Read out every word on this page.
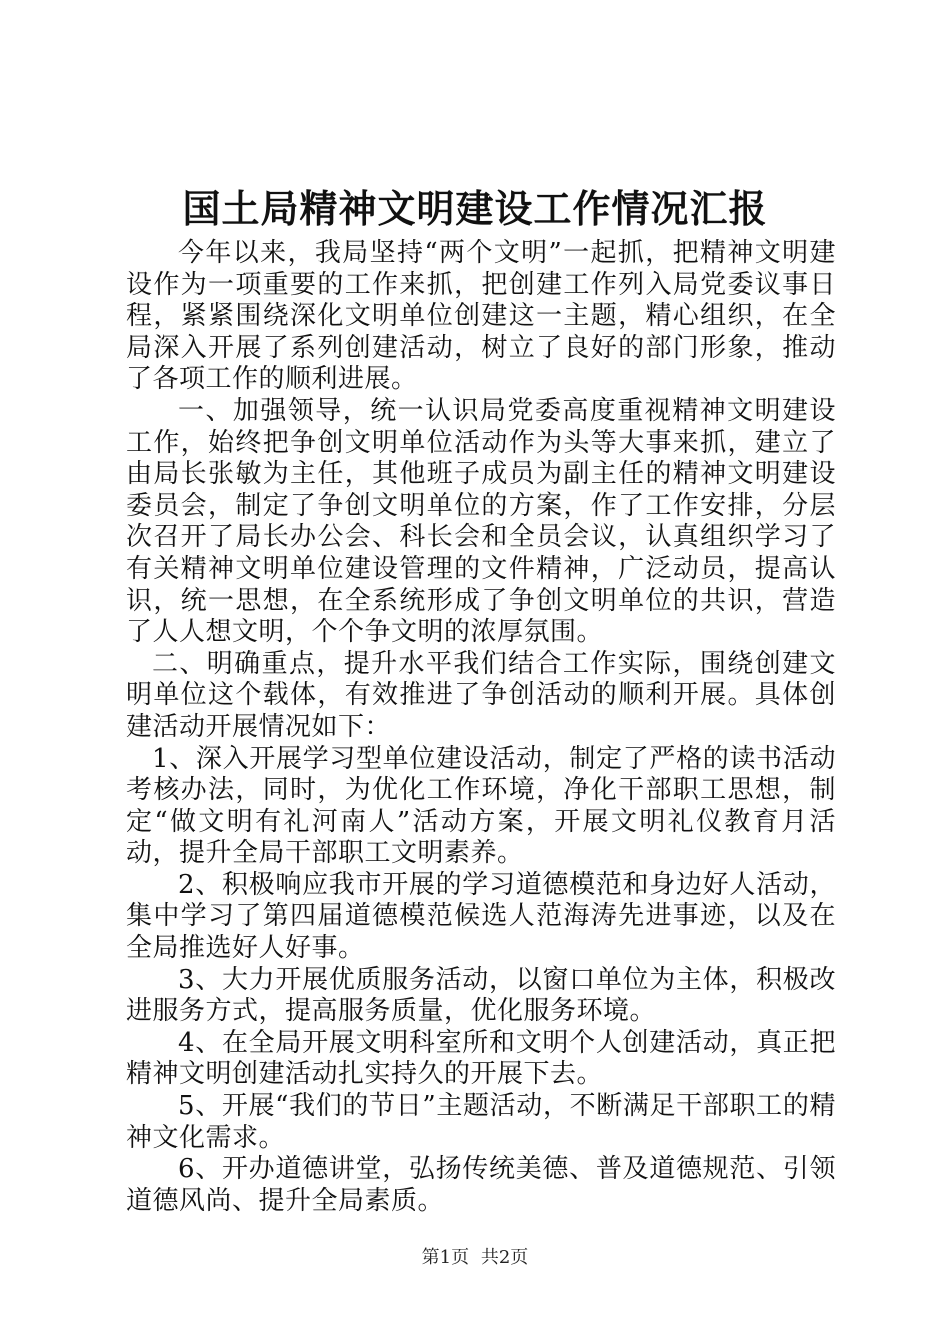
国土局精神文明建设工作情况汇报

今年以来，我局坚持“两个文明”一起抓，把精神文明建设作为一项重要的工作来抓，把创建工作列入局党委议事日程，紧紧围绕深化文明单位创建这一主题，精心组织，在全局深入开展了系列创建活动，树立了良好的部门形象，推动了各项工作的顺利进展。

一、加强领导，统一认识局党委高度重视精神文明建设工作，始终把争创文明单位活动作为头等大事来抓，建立了由局长张敏为主任，其他班子成员为副主任的精神文明建设委员会，制定了争创文明单位的方案，作了工作安排，分层次召开了局长办公会、科长会和全员会议，认真组织学习了有关精神文明单位建设管理的文件精神，广泛动员，提高认识，统一思想，在全系统形成了争创文明单位的共识，营造了人人想文明，个个争文明的浓厚氛围。

二、明确重点，提升水平我们结合工作实际，围绕创建文明单位这个载体，有效推进了争创活动的顺利开展。具体创建活动开展情况如下：

1、深入开展学习型单位建设活动，制定了严格的读书活动考核办法，同时，为优化工作环境，净化干部职工思想，制定“做文明有礼河南人”活动方案，开展文明礼仪教育月活动，提升全局干部职工文明素养。

2、积极响应我市开展的学习道德模范和身边好人活动，集中学习了第四届道德模范候选人范海涛先进事迹，以及在全局推选好人好事。

3、大力开展优质服务活动，以窗口单位为主体，积极改进服务方式，提高服务质量，优化服务环境。

4、在全局开展文明科室所和文明个人创建活动，真正把精神文明创建活动扎实持久的开展下去。

5、开展“我们的节日”主题活动，不断满足干部职工的精神文化需求。

6、开办道德讲堂，弘扬传统美德、普及道德规范、引领道德风尚、提升全局素质。

第1页 共2页
